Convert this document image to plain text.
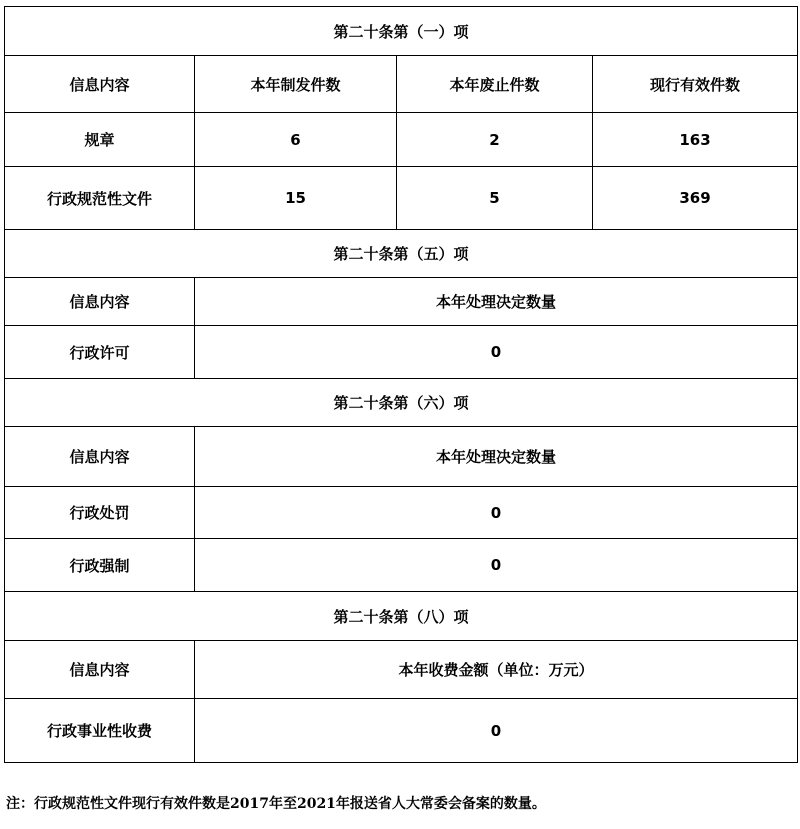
第二十条第（一）项			
信息内容	本年制发件数	本年废止件数	现行有效件数
规章	6	2	163
行政规范性文件	15	5	369
第二十条第（五）项			
信息内容	本年处理决定数量		
行政许可	0		
第二十条第（六）项			
信息内容	本年处理决定数量		
行政处罚	0		
行政强制	0		
第二十条第（八）项			
信息内容	本年收费金额（单位：万元）		
行政事业性收费	0		
注：行政规范性文件现行有效件数是2017年至2021年报送省人大常委会备案的数量。
